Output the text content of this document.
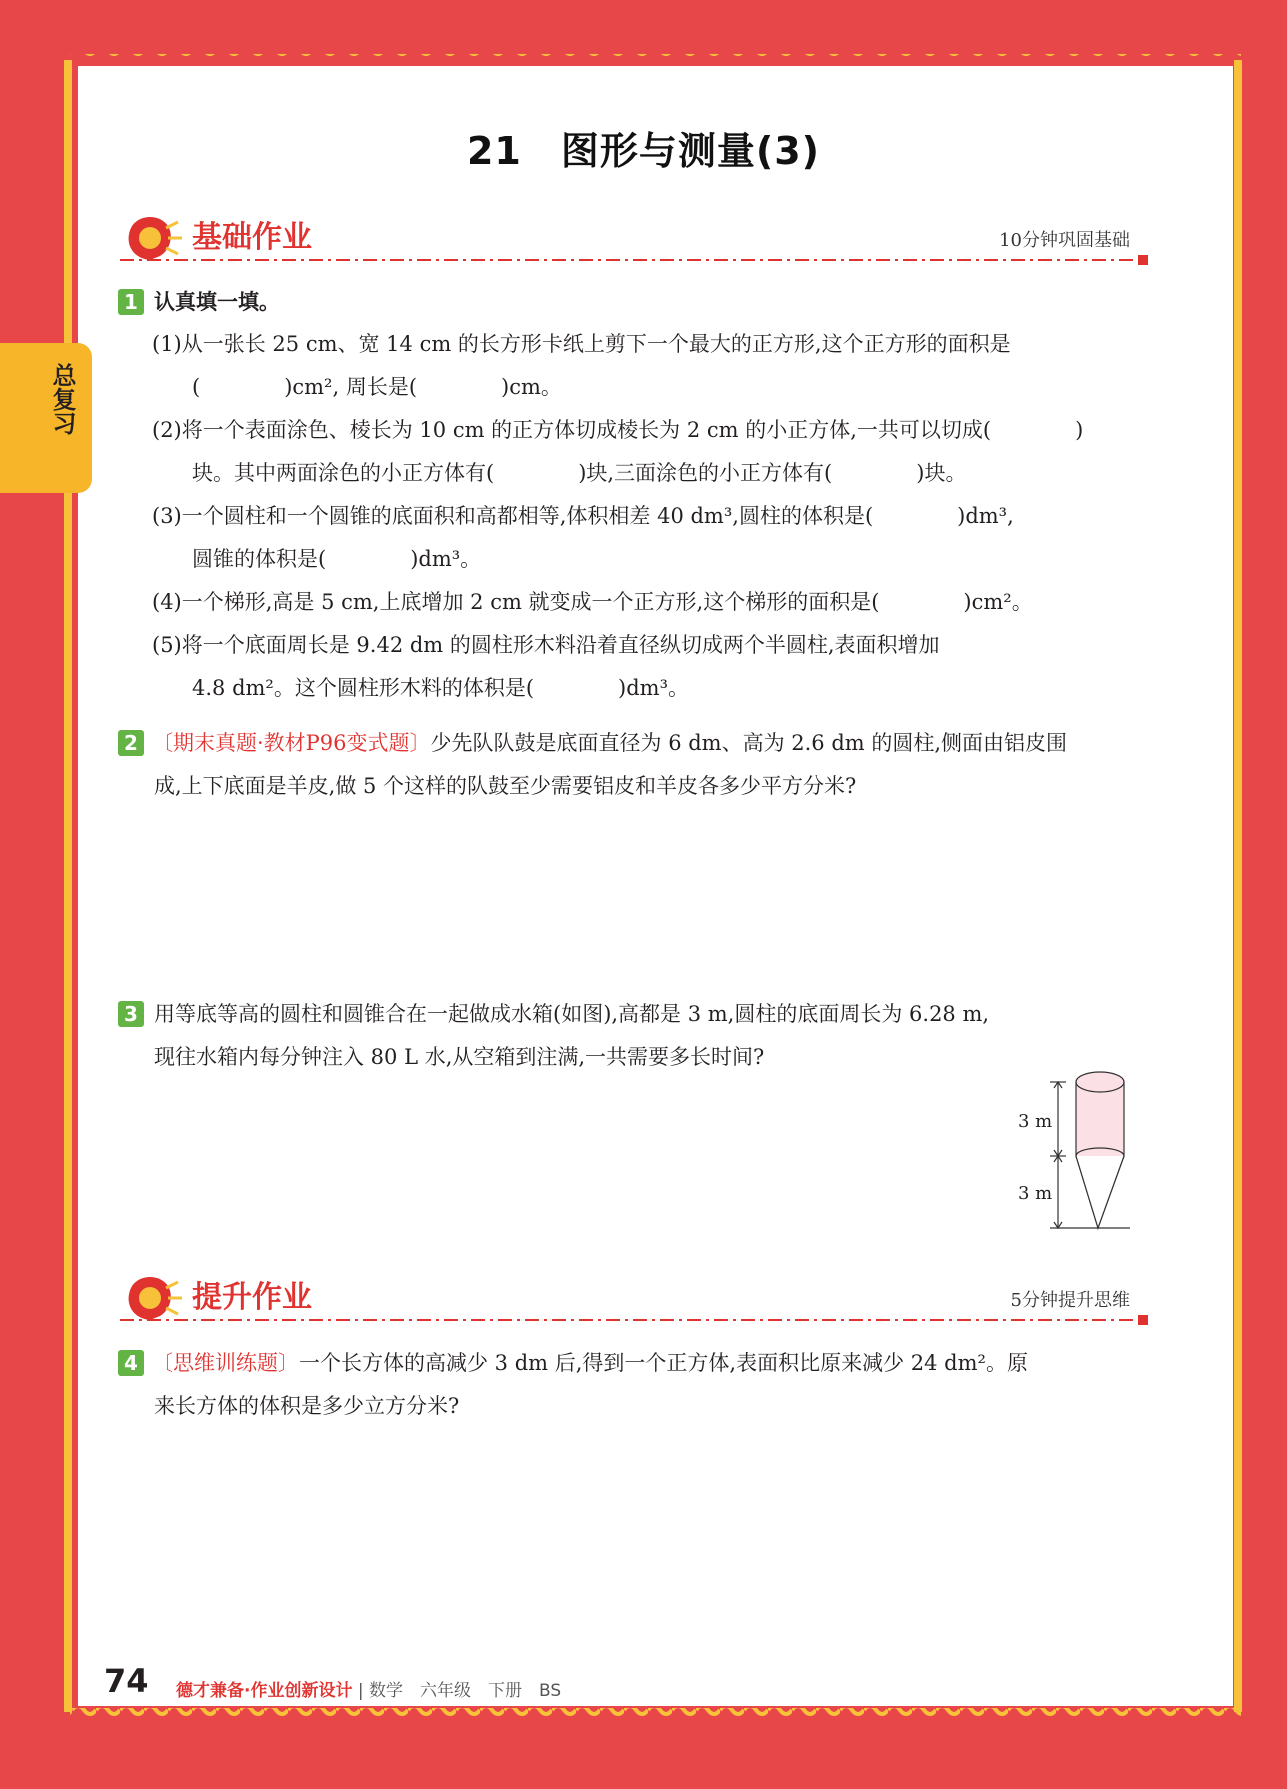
总复习
21　图形与测量(3)
基础作业	10分钟巩固基础
1 认真填一填。
(1)从一张长 25 cm、宽 14 cm 的长方形卡纸上剪下一个最大的正方形,这个正方形的面积是
(　　　　)cm², 周长是(　　　　)cm。
(2)将一个表面涂色、棱长为 10 cm 的正方体切成棱长为 2 cm 的小正方体,一共可以切成(　　　　)
块。其中两面涂色的小正方体有(　　　　)块,三面涂色的小正方体有(　　　　)块。
(3)一个圆柱和一个圆锥的底面积和高都相等,体积相差 40 dm³,圆柱的体积是(　　　　)dm³,
圆锥的体积是(　　　　)dm³。
(4)一个梯形,高是 5 cm,上底增加 2 cm 就变成一个正方形,这个梯形的面积是(　　　　)cm²。
(5)将一个底面周长是 9.42 dm 的圆柱形木料沿着直径纵切成两个半圆柱,表面积增加
4.8 dm²。这个圆柱形木料的体积是(　　　　)dm³。
2 〔期末真题·教材P96变式题〕少先队队鼓是底面直径为 6 dm、高为 2.6 dm 的圆柱,侧面由铝皮围
成,上下底面是羊皮,做 5 个这样的队鼓至少需要铝皮和羊皮各多少平方分米?
3 用等底等高的圆柱和圆锥合在一起做成水箱(如图),高都是 3 m,圆柱的底面周长为 6.28 m,
现往水箱内每分钟注入 80 L 水,从空箱到注满,一共需要多长时间?
3 m
3 m
提升作业	5分钟提升思维
4 〔思维训练题〕一个长方体的高减少 3 dm 后,得到一个正方体,表面积比原来减少 24 dm²。原
来长方体的体积是多少立方分米?
74 德才兼备·作业创新设计 | 数学　六年级　下册　BS
